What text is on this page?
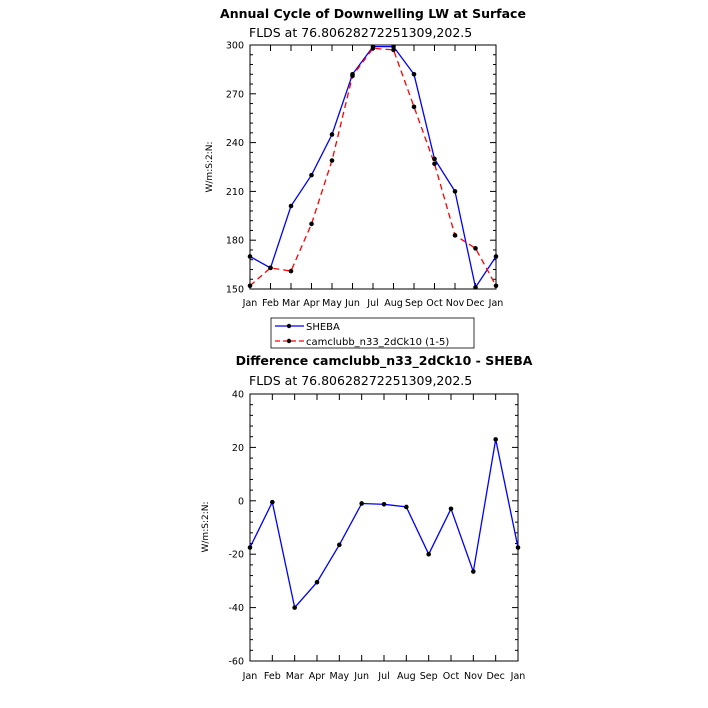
Annual Cycle of Downwelling LW at Surface
FLDS at 76.80628272251309,202.5
W/m:S:2:N:
Jan Feb Mar Apr May Jun Jul Aug Sep Oct Nov Dec Jan
150
180
210
240
270
300
SHEBA
camclubb_n33_2dCk10 (1-5)
Difference camclubb_n33_2dCk10 - SHEBA
FLDS at 76.80628272251309,202.5
W/m:S:2:N:
Jan Feb Mar Apr May Jun Jul Aug Sep Oct Nov Dec Jan
-60
-40
-20
0
20
40
